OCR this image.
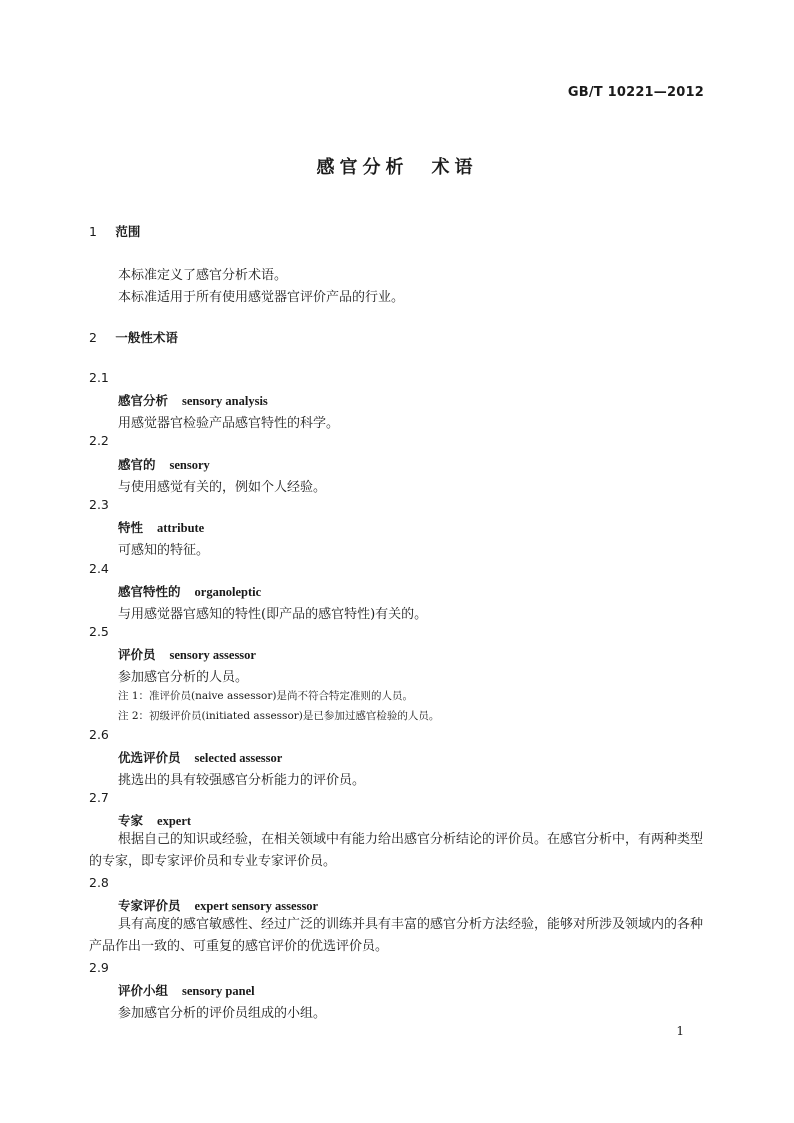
GB/T 10221—2012
感官分析　术语
1 范围
本标准定义了感官分析术语。
本标准适用于所有使用感觉器官评价产品的行业。
2 一般性术语
2.1
感官分析 sensory analysis
用感觉器官检验产品感官特性的科学。
2.2
感官的 sensory
与使用感觉有关的，例如个人经验。
2.3
特性 attribute
可感知的特征。
2.4
感官特性的 organoleptic
与用感觉器官感知的特性(即产品的感官特性)有关的。
2.5
评价员 sensory assessor
参加感官分析的人员。
注 1：准评价员(naive assessor)是尚不符合特定准则的人员。
注 2：初级评价员(initiated assessor)是已参加过感官检验的人员。
2.6
优选评价员 selected assessor
挑选出的具有较强感官分析能力的评价员。
2.7
专家 expert
根据自己的知识或经验，在相关领域中有能力给出感官分析结论的评价员。在感官分析中，有两种类型的专家，即专家评价员和专业专家评价员。
2.8
专家评价员 expert sensory assessor
具有高度的感官敏感性、经过广泛的训练并具有丰富的感官分析方法经验，能够对所涉及领域内的各种产品作出一致的、可重复的感官评价的优选评价员。
2.9
评价小组 sensory panel
参加感官分析的评价员组成的小组。
1
